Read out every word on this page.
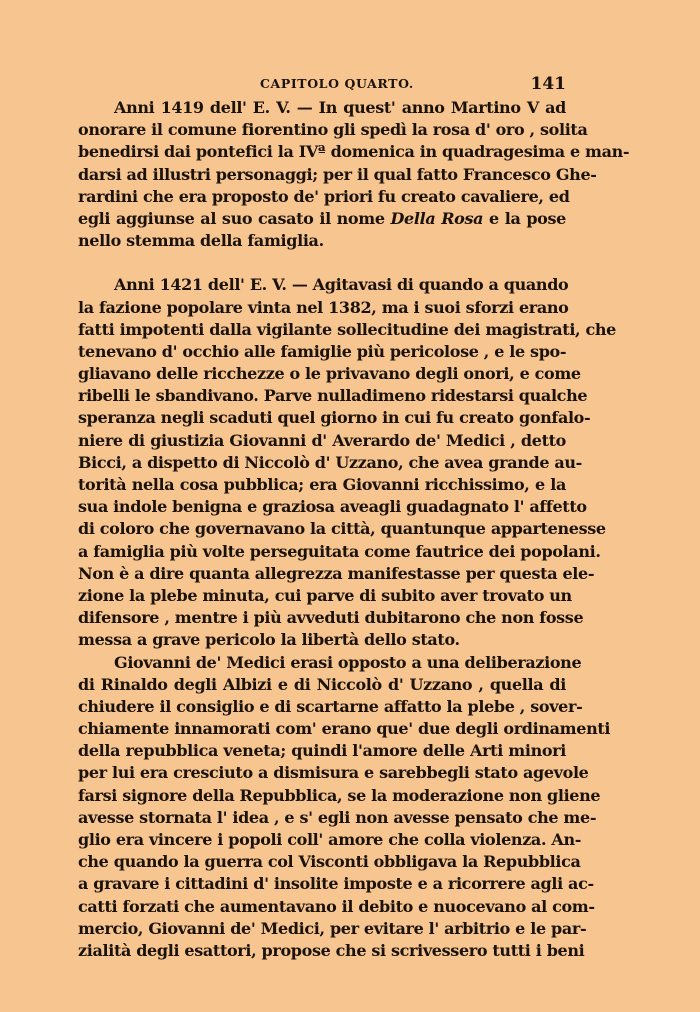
CAPITOLO QUARTO.	141
Anni 1419 dell' E. V. — In quest' anno Martino V ad
onorare il comune fiorentino gli spedì la rosa d' oro , solita
benedirsi dai pontefici la IVª domenica in quadragesima e man-
darsi ad illustri personaggi; per il qual fatto Francesco Ghe-
rardini che era proposto de' priori fu creato cavaliere, ed
egli aggiunse al suo casato il nome Della Rosa e la pose
nello stemma della famiglia.
Anni 1421 dell' E. V. — Agitavasi di quando a quando
la fazione popolare vinta nel 1382, ma i suoi sforzi erano
fatti impotenti dalla vigilante sollecitudine dei magistrati, che
tenevano d' occhio alle famiglie più pericolose , e le spo-
gliavano delle ricchezze o le privavano degli onori, e come
ribelli le sbandivano. Parve nulladimeno ridestarsi qualche
speranza negli scaduti quel giorno in cui fu creato gonfalo-
niere di giustizia Giovanni d' Averardo de' Medici , detto
Bicci, a dispetto di Niccolò d' Uzzano, che avea grande au-
torità nella cosa pubblica; era Giovanni ricchissimo, e la
sua indole benigna e graziosa aveagli guadagnato l' affetto
di coloro che governavano la città, quantunque appartenesse
a famiglia più volte perseguitata come fautrice dei popolani.
Non è a dire quanta allegrezza manifestasse per questa ele-
zione la plebe minuta, cui parve di subito aver trovato un
difensore , mentre i più avveduti dubitarono che non fosse
messa a grave pericolo la libertà dello stato.
Giovanni de' Medici erasi opposto a una deliberazione
di Rinaldo degli Albizi e di Niccolò d' Uzzano , quella di
chiudere il consiglio e di scartarne affatto la plebe , sover-
chiamente innamorati com' erano que' due degli ordinamenti
della repubblica veneta; quindi l'amore delle Arti minori
per lui era cresciuto a dismisura e sarebbegli stato agevole
farsi signore della Repubblica, se la moderazione non gliene
avesse stornata l' idea , e s' egli non avesse pensato che me-
glio era vincere i popoli coll' amore che colla violenza. An-
che quando la guerra col Visconti obbligava la Repubblica
a gravare i cittadini d' insolite imposte e a ricorrere agli ac-
catti forzati che aumentavano il debito e nuocevano al com-
mercio, Giovanni de' Medici, per evitare l' arbitrio e le par-
zialità degli esattori, propose che si scrivessero tutti i beni
